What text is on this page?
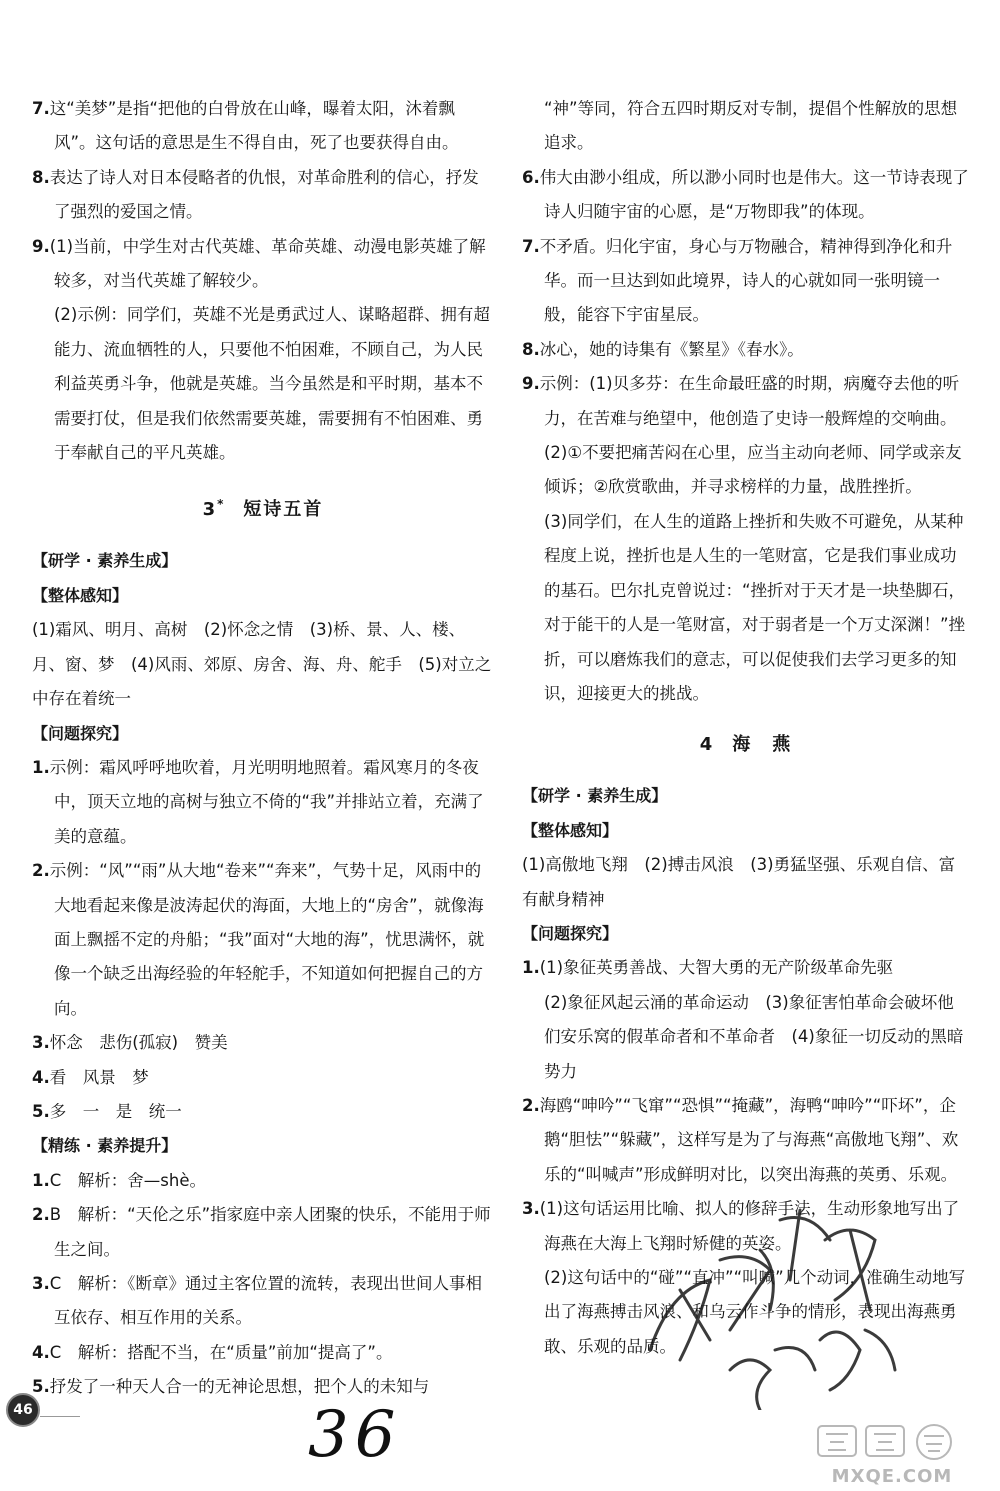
7.这“美梦”是指“把他的白骨放在山峰，曝着太阳，沐着飘风”。这句话的意思是生不得自由，死了也要获得自由。

8.表达了诗人对日本侵略者的仇恨，对革命胜利的信心，抒发了强烈的爱国之情。

9.(1)当前，中学生对古代英雄、革命英雄、动漫电影英雄了解较多，对当代英雄了解较少。

(2)示例：同学们，英雄不光是勇武过人、谋略超群、拥有超能力、流血牺牲的人，只要他不怕困难，不顾自己，为人民利益英勇斗争，他就是英雄。当今虽然是和平时期，基本不需要打仗，但是我们依然需要英雄，需要拥有不怕困难、勇于奉献自己的平凡英雄。

3* 短诗五首

【研学 · 素养生成】

【整体感知】

(1)霜风、明月、高树　(2)怀念之情　(3)桥、景、人、楼、月、窗、梦　(4)风雨、郊原、房舍、海、舟、舵手　(5)对立之中存在着统一

【问题探究】

1.示例：霜风呼呼地吹着，月光明明地照着。霜风寒月的冬夜中，顶天立地的高树与独立不倚的“我”并排站立着，充满了美的意蕴。

2.示例：“风”“雨”从大地“卷来”“奔来”，气势十足，风雨中的大地看起来像是波涛起伏的海面，大地上的“房舍”，就像海面上飘摇不定的舟船；“我”面对“大地的海”，忧思满怀，就像一个缺乏出海经验的年轻舵手，不知道如何把握自己的方向。

3.怀念　悲伤(孤寂)　赞美

4.看　风景　梦

5.多　一　是　统一

【精练 · 素养提升】

1.C　解析：舍—shè。

2.B　解析：“天伦之乐”指家庭中亲人团聚的快乐，不能用于师生之间。

3.C　解析：《断章》通过主客位置的流转，表现出世间人事相互依存、相互作用的关系。

4.C　解析：搭配不当，在“质量”前加“提高了”。

5.抒发了一种天人合一的无神论思想，把个人的未知与

“神”等同，符合五四时期反对专制，提倡个性解放的思想追求。

6.伟大由渺小组成，所以渺小同时也是伟大。这一节诗表现了诗人归随宇宙的心愿，是“万物即我”的体现。

7.不矛盾。归化宇宙，身心与万物融合，精神得到净化和升华。而一旦达到如此境界，诗人的心就如同一张明镜一般，能容下宇宙星辰。

8.冰心，她的诗集有《繁星》《春水》。

9.示例：(1)贝多芬：在生命最旺盛的时期，病魔夺去他的听力，在苦难与绝望中，他创造了史诗一般辉煌的交响曲。

(2)①不要把痛苦闷在心里，应当主动向老师、同学或亲友倾诉；②欣赏歌曲，并寻求榜样的力量，战胜挫折。

(3)同学们，在人生的道路上挫折和失败不可避免，从某种程度上说，挫折也是人生的一笔财富，它是我们事业成功的基石。巴尔扎克曾说过：“挫折对于天才是一块垫脚石，对于能干的人是一笔财富，对于弱者是一个万丈深渊！”挫折，可以磨炼我们的意志，可以促使我们去学习更多的知识，迎接更大的挑战。

4 海　燕

【研学 · 素养生成】

【整体感知】

(1)高傲地飞翔　(2)搏击风浪　(3)勇猛坚强、乐观自信、富有献身精神

【问题探究】

1.(1)象征英勇善战、大智大勇的无产阶级革命先驱

(2)象征风起云涌的革命运动　(3)象征害怕革命会破坏他们安乐窝的假革命者和不革命者　(4)象征一切反动的黑暗势力

2.海鸥“呻吟”“飞窜”“恐惧”“掩藏”，海鸭“呻吟”“吓坏”，企鹅“胆怯”“躲藏”，这样写是为了与海燕“高傲地飞翔”、欢乐的“叫喊声”形成鲜明对比，以突出海燕的英勇、乐观。

3.(1)这句话运用比喻、拟人的修辞手法，生动形象地写出了海燕在大海上飞翔时矫健的英姿。

(2)这句话中的“碰”“直冲”“叫喊”几个动词，准确生动地写出了海燕搏击风浪、和乌云作斗争的情形，表现出海燕勇敢、乐观的品质。

46	36
MXQE.COM
